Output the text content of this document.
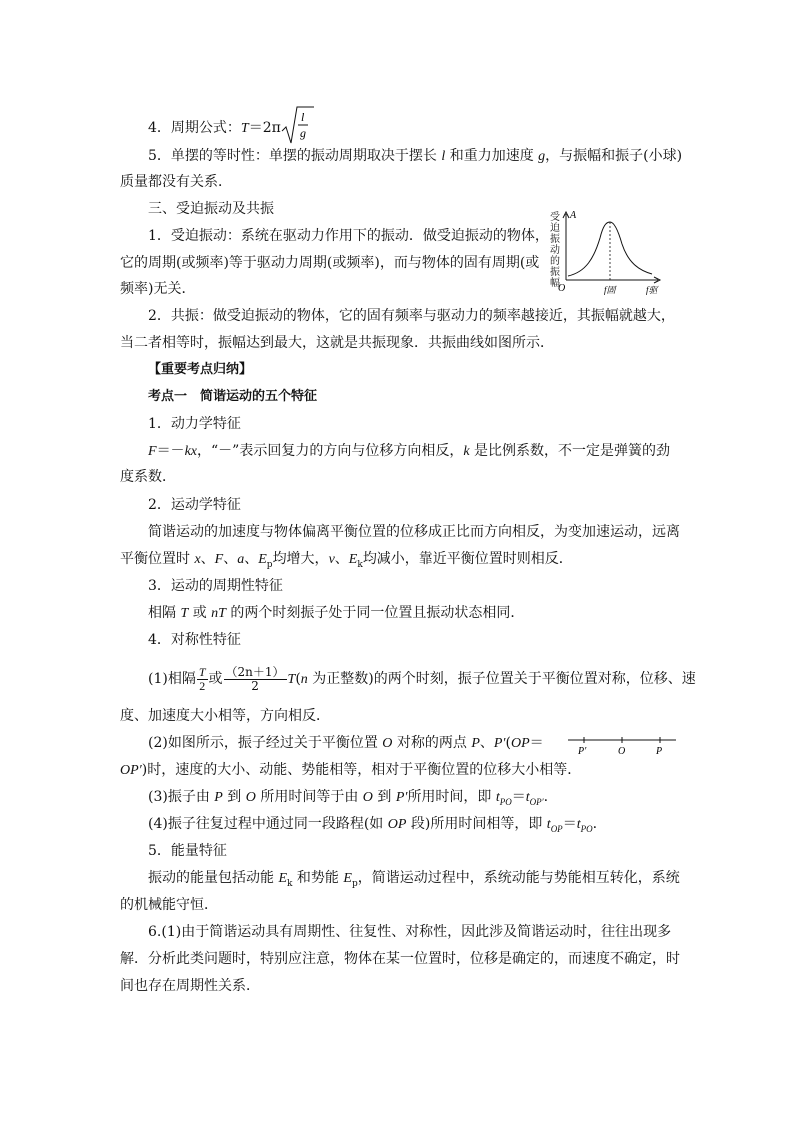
4．周期公式：T＝2π
l
g
5．单摆的等时性：单摆的振动周期取决于摆长 l 和重力加速度 g，与振幅和振子(小球)
质量都没有关系．
三、受迫振动及共振
1．受迫振动：系统在驱动力作用下的振动．做受迫振动的物体，
它的周期(或频率)等于驱动力周期(或频率)，而与物体的固有周期(或
频率)无关．
受
迫
振
动
的
振
幅
A
O	f固	f驱
2．共振：做受迫振动的物体，它的固有频率与驱动力的频率越接近，其振幅就越大，
当二者相等时，振幅达到最大，这就是共振现象．共振曲线如图所示．
【重要考点归纳】
考点一　简谐运动的五个特征
1．动力学特征
F＝－kx，“－”表示回复力的方向与位移方向相反，k 是比例系数，不一定是弹簧的劲
度系数．
2．运动学特征
简谐运动的加速度与物体偏离平衡位置的位移成正比而方向相反，为变加速运动，远离
平衡位置时 x、F、a、$E_p$均增大，v、$E_k$均减小，靠近平衡位置时则相反．
3．运动的周期性特征
相隔 T 或 nT 的两个时刻振子处于同一位置且振动状态相同．
4．对称性特征
(1)相隔 $\frac{T}{2}$ 或 $\frac{(2n+1)}{2} T(n$ 为正整数)的两个时刻，振子位置关于平衡位置对称，位移、速
度、加速度大小相等，方向相反．
(2)如图所示，振子经过关于平衡位置 O 对称的两点 P、P′(OP＝
P′	O	P
OP′)时，速度的大小、动能、势能相等，相对于平衡位置的位移大小相等．
(3)振子由 P 到 O 所用时间等于由 O 到 P′所用时间，即 $t_{PO}=t_{OP'}$.
(4)振子往复过程中通过同一段路程(如 OP 段)所用时间相等，即 $t_{OP}=t_{PO}$.
5．能量特征
振动的能量包括动能 $E_k$ 和势能 $E_p$，简谐运动过程中，系统动能与势能相互转化，系统
的机械能守恒．
6.(1)由于简谐运动具有周期性、往复性、对称性，因此涉及简谐运动时，往往出现多
解．分析此类问题时，特别应注意，物体在某一位置时，位移是确定的，而速度不确定，时
间也存在周期性关系．
